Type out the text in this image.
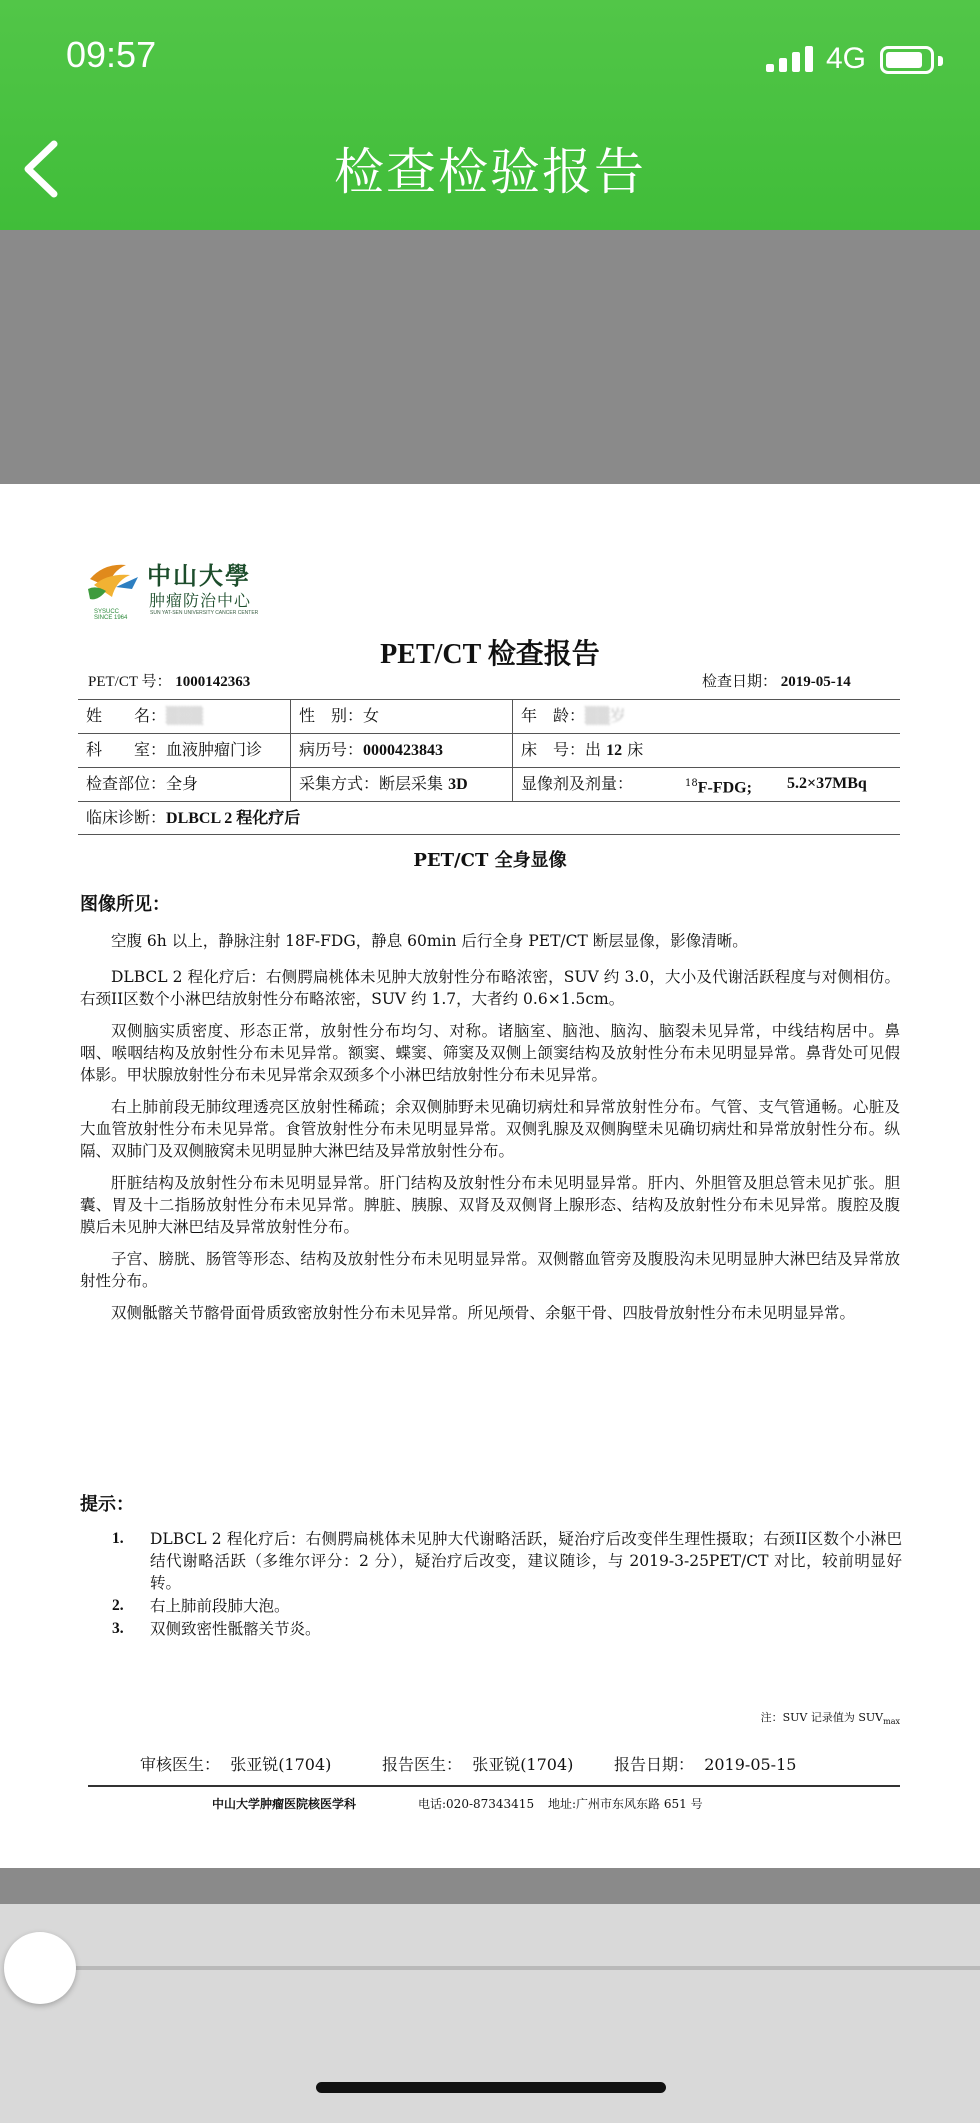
09:57	4G
检查检验报告
SYSUCC
SINCE 1964
中山大學
肿瘤防治中心
SUN YAT-SEN UNIVERSITY CANCER CENTER
PET/CT 检查报告
PET/CT 号： 1000142363	检查日期： 2019-05-14
姓　　名：▒▒▒	性　别：女	年　龄：▒▒岁
科　　室：血液肿瘤门诊	病历号：0000423843	床　号：出 12 床
检查部位：全身	采集方式：断层采集 3D	显像剂及剂量：	$^{18}$F-FDG; 5.2×37MBq
临床诊断：DLBCL 2 程化疗后
PET/CT 全身显像
图像所见：

空腹 6h 以上，静脉注射 18F-FDG，静息 60min 后行全身 PET/CT 断层显像，影像清晰。

DLBCL 2 程化疗后：右侧腭扁桃体未见肿大放射性分布略浓密，SUV 约 3.0，大小及代谢活跃程度与对侧相仿。右颈II区数个小淋巴结放射性分布略浓密，SUV 约 1.7，大者约 0.6×1.5cm。

双侧脑实质密度、形态正常，放射性分布均匀、对称。诸脑室、脑池、脑沟、脑裂未见异常，中线结构居中。鼻咽、喉咽结构及放射性分布未见异常。额窦、蝶窦、筛窦及双侧上颌窦结构及放射性分布未见明显异常。鼻背处可见假体影。甲状腺放射性分布未见异常余双颈多个小淋巴结放射性分布未见异常。

右上肺前段无肺纹理透亮区放射性稀疏；余双侧肺野未见确切病灶和异常放射性分布。气管、支气管通畅。心脏及大血管放射性分布未见异常。食管放射性分布未见明显异常。双侧乳腺及双侧胸壁未见确切病灶和异常放射性分布。纵隔、双肺门及双侧腋窝未见明显肿大淋巴结及异常放射性分布。

肝脏结构及放射性分布未见明显异常。肝门结构及放射性分布未见明显异常。肝内、外胆管及胆总管未见扩张。胆囊、胃及十二指肠放射性分布未见异常。脾脏、胰腺、双肾及双侧肾上腺形态、结构及放射性分布未见异常。腹腔及腹膜后未见肿大淋巴结及异常放射性分布。

子宫、膀胱、肠管等形态、结构及放射性分布未见明显异常。双侧髂血管旁及腹股沟未见明显肿大淋巴结及异常放射性分布。

双侧骶髂关节髂骨面骨质致密放射性分布未见异常。所见颅骨、余躯干骨、四肢骨放射性分布未见明显异常。

提示：
1. DLBCL 2 程化疗后：右侧腭扁桃体未见肿大代谢略活跃，疑治疗后改变伴生理性摄取；右颈II区数个小淋巴结代谢略活跃（多维尔评分：2 分），疑治疗后改变，建议随诊，与 2019-3-25PET/CT 对比，较前明显好转。
2. 右上肺前段肺大泡。
3. 双侧致密性骶髂关节炎。
注：SUV 记录值为 $SUV_{max}$
审核医生： 张亚锐(1704)	报告医生： 张亚锐(1704)	报告日期： 2019-05-15
中山大学肿瘤医院核医学科	电话:020-87343415 地址:广州市东风东路 651 号
